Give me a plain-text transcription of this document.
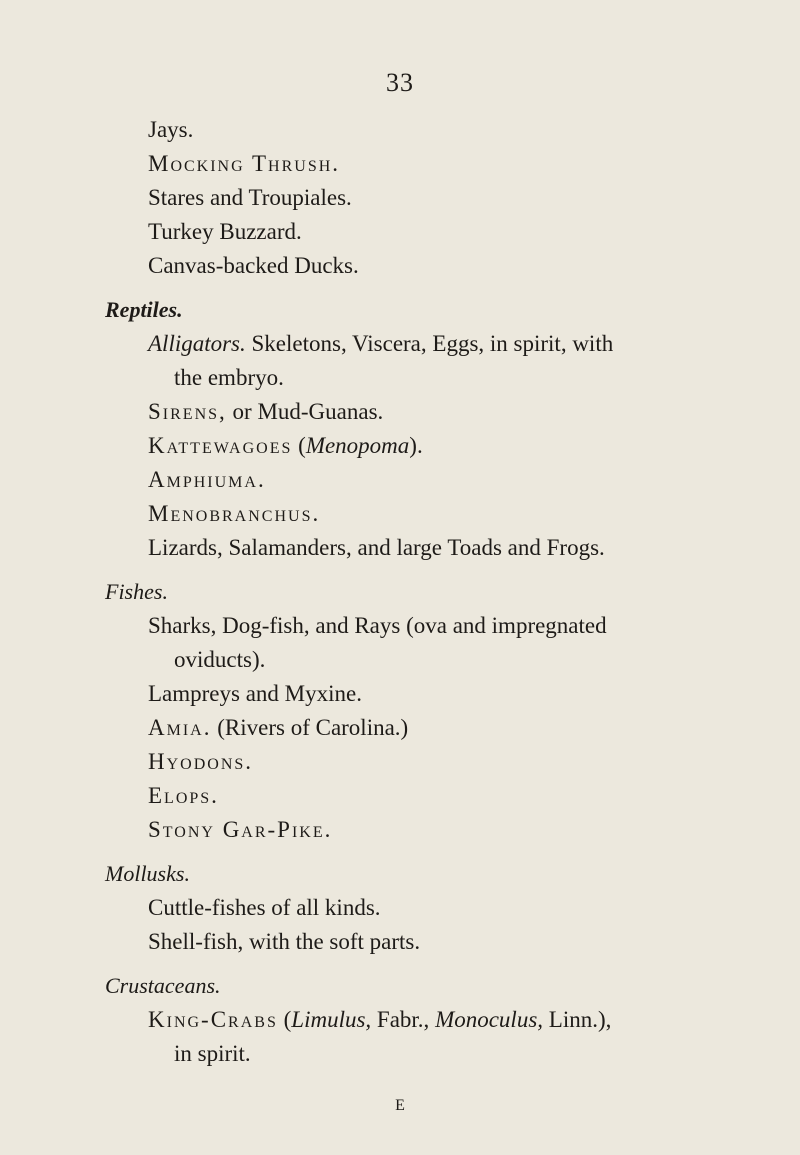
33
Jays.
Mocking Thrush.
Stares and Troupiales.
Turkey Buzzard.
Canvas-backed Ducks.
Reptiles.
Alligators. Skeletons, Viscera, Eggs, in spirit, with
the embryo.
Sirens, or Mud-Guanas.
Kattewagoes (Menopoma).
Amphiuma.
Menobranchus.
Lizards, Salamanders, and large Toads and Frogs.
Fishes.
Sharks, Dog-fish, and Rays (ova and impregnated
oviducts).
Lampreys and Myxine.
Amia. (Rivers of Carolina.)
Hyodons.
Elops.
Stony Gar-Pike.
Mollusks.
Cuttle-fishes of all kinds.
Shell-fish, with the soft parts.
Crustaceans.
King-Crabs (Limulus, Fabr., Monoculus, Linn.),
in spirit.
E
